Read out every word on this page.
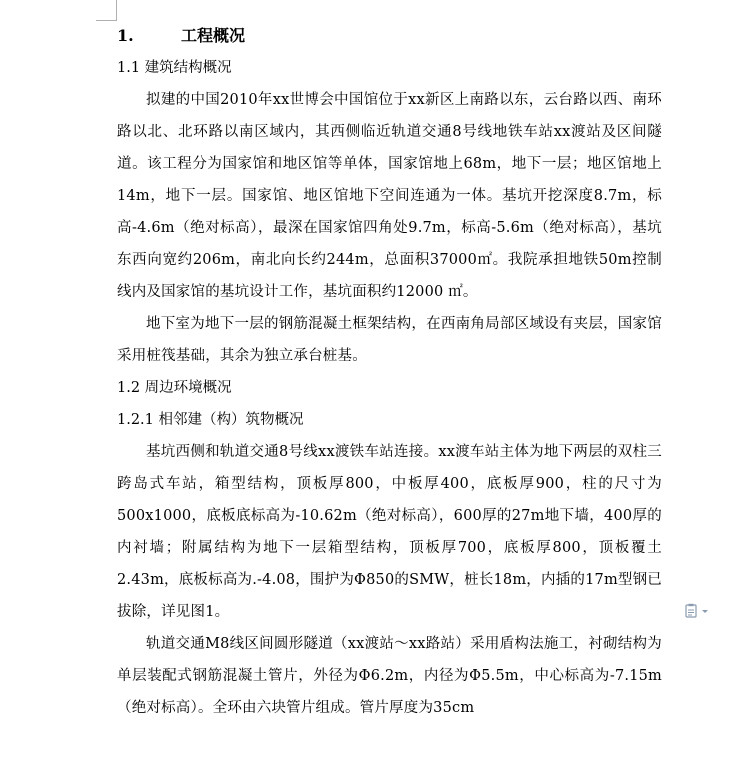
1.	工程概况
1.1 建筑结构概况
拟建的中国2010年xx世博会中国馆位于xx新区上南路以东，云台路以西、南环路以北、北环路以南区域内，其西侧临近轨道交通8号线地铁车站xx渡站及区间隧道。该工程分为国家馆和地区馆等单体，国家馆地上68m，地下一层；地区馆地上14m，地下一层。国家馆、地区馆地下空间连通为一体。基坑开挖深度8.7m，标高-4.6m（绝对标高），最深在国家馆四角处9.7m，标高-5.6m（绝对标高），基坑东西向宽约206m，南北向长约244m，总面积37000㎡。我院承担地铁50m控制线内及国家馆的基坑设计工作，基坑面积约12000 ㎡。
地下室为地下一层的钢筋混凝土框架结构，在西南角局部区域设有夹层，国家馆采用桩筏基础，其余为独立承台桩基。
1.2 周边环境概况
1.2.1 相邻建（构）筑物概况
基坑西侧和轨道交通8号线xx渡铁车站连接。xx渡车站主体为地下两层的双柱三跨岛式车站，箱型结构，顶板厚800，中板厚400，底板厚900，柱的尺寸为500x1000，底板底标高为-10.62m（绝对标高），600厚的27m地下墙，400厚的内衬墙；附属结构为地下一层箱型结构，顶板厚700，底板厚800，顶板覆土2.43m，底板标高为.-4.08，围护为Φ850的SMW，桩长18m，内插的17m型钢已拔除，详见图1。
轨道交通M8线区间圆形隧道（xx渡站～xx路站）采用盾构法施工，衬砌结构为单层装配式钢筋混凝土管片，外径为Φ6.2m，内径为Φ5.5m，中心标高为-7.15m（绝对标高）。全环由六块管片组成。管片厚度为35cm
